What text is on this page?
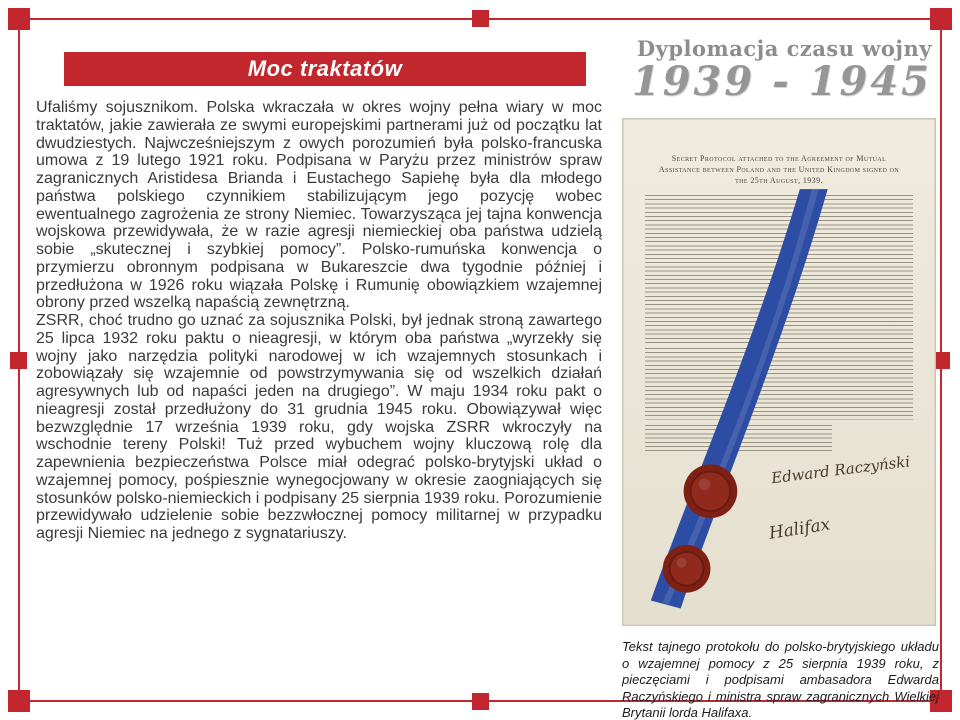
Moc traktatów
Dyplomacja czasu wojny
1939 - 1945

Ufaliśmy sojusznikom. Polska wkraczała w okres wojny pełna wiary w moc traktatów, jakie zawierała ze swymi europejskimi partnerami już od początku lat dwudziestych. Najwcześniejszym z owych porozumień była polsko-francuska umowa z 19 lutego 1921 roku. Podpisana w Paryżu przez ministrów spraw zagranicznych Aristidesa Brianda i Eustachego Sapiehę była dla młodego państwa polskiego czynnikiem stabilizującym jego pozycję wobec ewentualnego zagrożenia ze strony Niemiec. Towarzysząca jej tajna konwencja wojskowa przewidywała, że w razie agresji niemieckiej oba państwa udzielą sobie „skutecznej i szybkiej pomocy”. Polsko-rumuńska konwencja o przymierzu obronnym podpisana w Bukareszcie dwa tygodnie później i przedłużona w 1926 roku wiązała Polskę i Rumunię obowiązkiem wzajemnej obrony przed wszelką napaścią zewnętrzną.

ZSRR, choć trudno go uznać za sojusznika Polski, był jednak stroną zawartego 25 lipca 1932 roku paktu o nieagresji, w którym oba państwa „wyrzekły się wojny jako narzędzia polityki narodowej w ich wzajemnych stosunkach i zobowiązały się wzajemnie od powstrzymywania się od wszelkich działań agresywnych lub od napaści jeden na drugiego”. W maju 1934 roku pakt o nieagresji został przedłużony do 31 grudnia 1945 roku. Obowiązywał więc bezwzględnie 17 września 1939 roku, gdy wojska ZSRR wkroczyły na wschodnie tereny Polski! Tuż przed wybuchem wojny kluczową rolę dla zapewnienia bezpieczeństwa Polsce miał odegrać polsko-brytyjski układ o wzajemnej pomocy, pośpiesznie wynegocjowany w okresie zaogniających się stosunków polsko-niemieckich i podpisany 25 sierpnia 1939 roku. Porozumienie przewidywało udzielenie sobie bezzwłocznej pomocy militarnej w przypadku agresji Niemiec na jednego z sygnatariuszy.

Secret Protocol attached to the Agreement of Mutual Assistance between Poland and the United Kingdom signed on the 25th August, 1939.
Edward Raczyński
Halifax
Tekst tajnego protokołu do polsko-brytyjskiego układu o wzajemnej pomocy z 25 sierpnia 1939 roku, z pieczęciami i podpisami ambasadora Edwarda Raczyńskiego i ministra spraw zagranicznych Wielkiej Brytanii lorda Halifaxa.
